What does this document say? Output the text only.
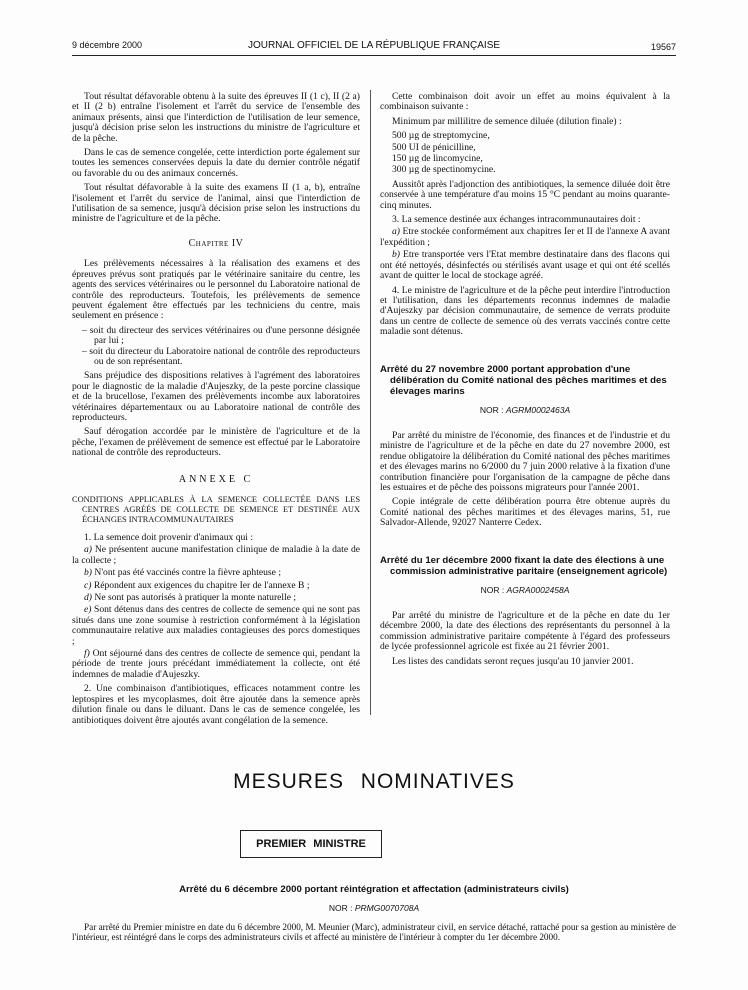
9 décembre 2000	JOURNAL OFFICIEL DE LA RÉPUBLIQUE FRANÇAISE	19567

Tout résultat défavorable obtenu à la suite des épreuves II (1 c), II (2 a) et II (2 b) entraîne l'isolement et l'arrêt du service de l'ensemble des animaux présents, ainsi que l'interdiction de l'utilisation de leur semence, jusqu'à décision prise selon les instructions du ministre de l'agriculture et de la pêche.

Dans le cas de semence congelée, cette interdiction porte également sur toutes les semences conservées depuis la date du dernier contrôle négatif ou favorable du ou des animaux concernés.

Tout résultat défavorable à la suite des examens II (1 a, b), entraîne l'isolement et l'arrêt du service de l'animal, ainsi que l'interdiction de l'utilisation de sa semence, jusqu'à décision prise selon les instructions du ministre de l'agriculture et de la pêche.

Chapitre IV

Les prélèvements nécessaires à la réalisation des examens et des épreuves prévus sont pratiqués par le vétérinaire sanitaire du centre, les agents des services vétérinaires ou le personnel du Laboratoire national de contrôle des reproducteurs. Toutefois, les prélèvements de semence peuvent également être effectués par les techniciens du centre, mais seulement en présence :

– soit du directeur des services vétérinaires ou d'une personne désignée par lui ;

– soit du directeur du Laboratoire national de contrôle des reproducteurs ou de son représentant.

Sans préjudice des dispositions relatives à l'agrément des laboratoires pour le diagnostic de la maladie d'Aujeszky, de la peste porcine classique et de la brucellose, l'examen des prélèvements incombe aux laboratoires vétérinaires départementaux ou au Laboratoire national de contrôle des reproducteurs.

Sauf dérogation accordée par le ministère de l'agriculture et de la pêche, l'examen de prélèvement de semence est effectué par le Laboratoire national de contrôle des reproducteurs.

ANNEXE C
CONDITIONS APPLICABLES À LA SEMENCE COLLECTÉE DANS LES CENTRES AGRÉÉS DE COLLECTE DE SEMENCE ET DESTINÉE AUX ÉCHANGES INTRACOMMUNAUTAIRES

1. La semence doit provenir d'animaux qui :

a) Ne présentent aucune manifestation clinique de maladie à la date de la collecte ;

b) N'ont pas été vaccinés contre la fièvre aphteuse ;

c) Répondent aux exigences du chapitre Ier de l'annexe B ;

d) Ne sont pas autorisés à pratiquer la monte naturelle ;

e) Sont détenus dans des centres de collecte de semence qui ne sont pas situés dans une zone soumise à restriction conformément à la législation communautaire relative aux maladies contagieuses des porcs domestiques ;

f) Ont séjourné dans des centres de collecte de semence qui, pendant la période de trente jours précédant immédiatement la collecte, ont été indemnes de maladie d'Aujeszky.

2. Une combinaison d'antibiotiques, efficaces notamment contre les leptospires et les mycoplasmes, doit être ajoutée dans la semence après dilution finale ou dans le diluant. Dans le cas de semence congelée, les antibiotiques doivent être ajoutés avant congélation de la semence.

Cette combinaison doit avoir un effet au moins équivalent à la combinaison suivante :

Minimum par millilitre de semence diluée (dilution finale) :

500 µg de streptomycine,

500 UI de pénicilline,

150 µg de lincomycine,

300 µg de spectinomycine.

Aussitôt après l'adjonction des antibiotiques, la semence diluée doit être conservée à une température d'au moins 15 °C pendant au moins quarante-cinq minutes.

3. La semence destinée aux échanges intracommunautaires doit :

a) Etre stockée conformément aux chapitres Ier et II de l'annexe A avant l'expédition ;

b) Etre transportée vers l'Etat membre destinataire dans des flacons qui ont été nettoyés, désinfectés ou stérilisés avant usage et qui ont été scellés avant de quitter le local de stockage agréé.

4. Le ministre de l'agriculture et de la pêche peut interdire l'introduction et l'utilisation, dans les départements reconnus indemnes de maladie d'Aujeszky par décision communautaire, de semence de verrats produite dans un centre de collecte de semence où des verrats vaccinés contre cette maladie sont détenus.

Arrêté du 27 novembre 2000 portant approbation d'une délibération du Comité national des pêches maritimes et des élevages marins
NOR : AGRM0002463A

Par arrêté du ministre de l'économie, des finances et de l'industrie et du ministre de l'agriculture et de la pêche en date du 27 novembre 2000, est rendue obligatoire la délibération du Comité national des pêches maritimes et des élevages marins no 6/2000 du 7 juin 2000 relative à la fixation d'une contribution financière pour l'organisation de la campagne de pêche dans les estuaires et de pêche des poissons migrateurs pour l'année 2001.

Copie intégrale de cette délibération pourra être obtenue auprès du Comité national des pêches maritimes et des élevages marins, 51, rue Salvador-Allende, 92027 Nanterre Cedex.

Arrêté du 1er décembre 2000 fixant la date des élections à une commission administrative paritaire (enseignement agricole)
NOR : AGRA0002458A

Par arrêté du ministre de l'agriculture et de la pêche en date du 1er décembre 2000, la date des élections des représentants du personnel à la commission administrative paritaire compétente à l'égard des professeurs de lycée professionnel agricole est fixée au 21 février 2001.

Les listes des candidats seront reçues jusqu'au 10 janvier 2001.

MESURES NOMINATIVES
PREMIER MINISTRE
Arrêté du 6 décembre 2000 portant réintégration et affectation (administrateurs civils)
NOR : PRMG0070708A
Par arrêté du Premier ministre en date du 6 décembre 2000, M. Meunier (Marc), administrateur civil, en service détaché, rattaché pour sa gestion au ministère de l'intérieur, est réintégré dans le corps des administrateurs civils et affecté au ministère de l'intérieur à compter du 1er décembre 2000.
